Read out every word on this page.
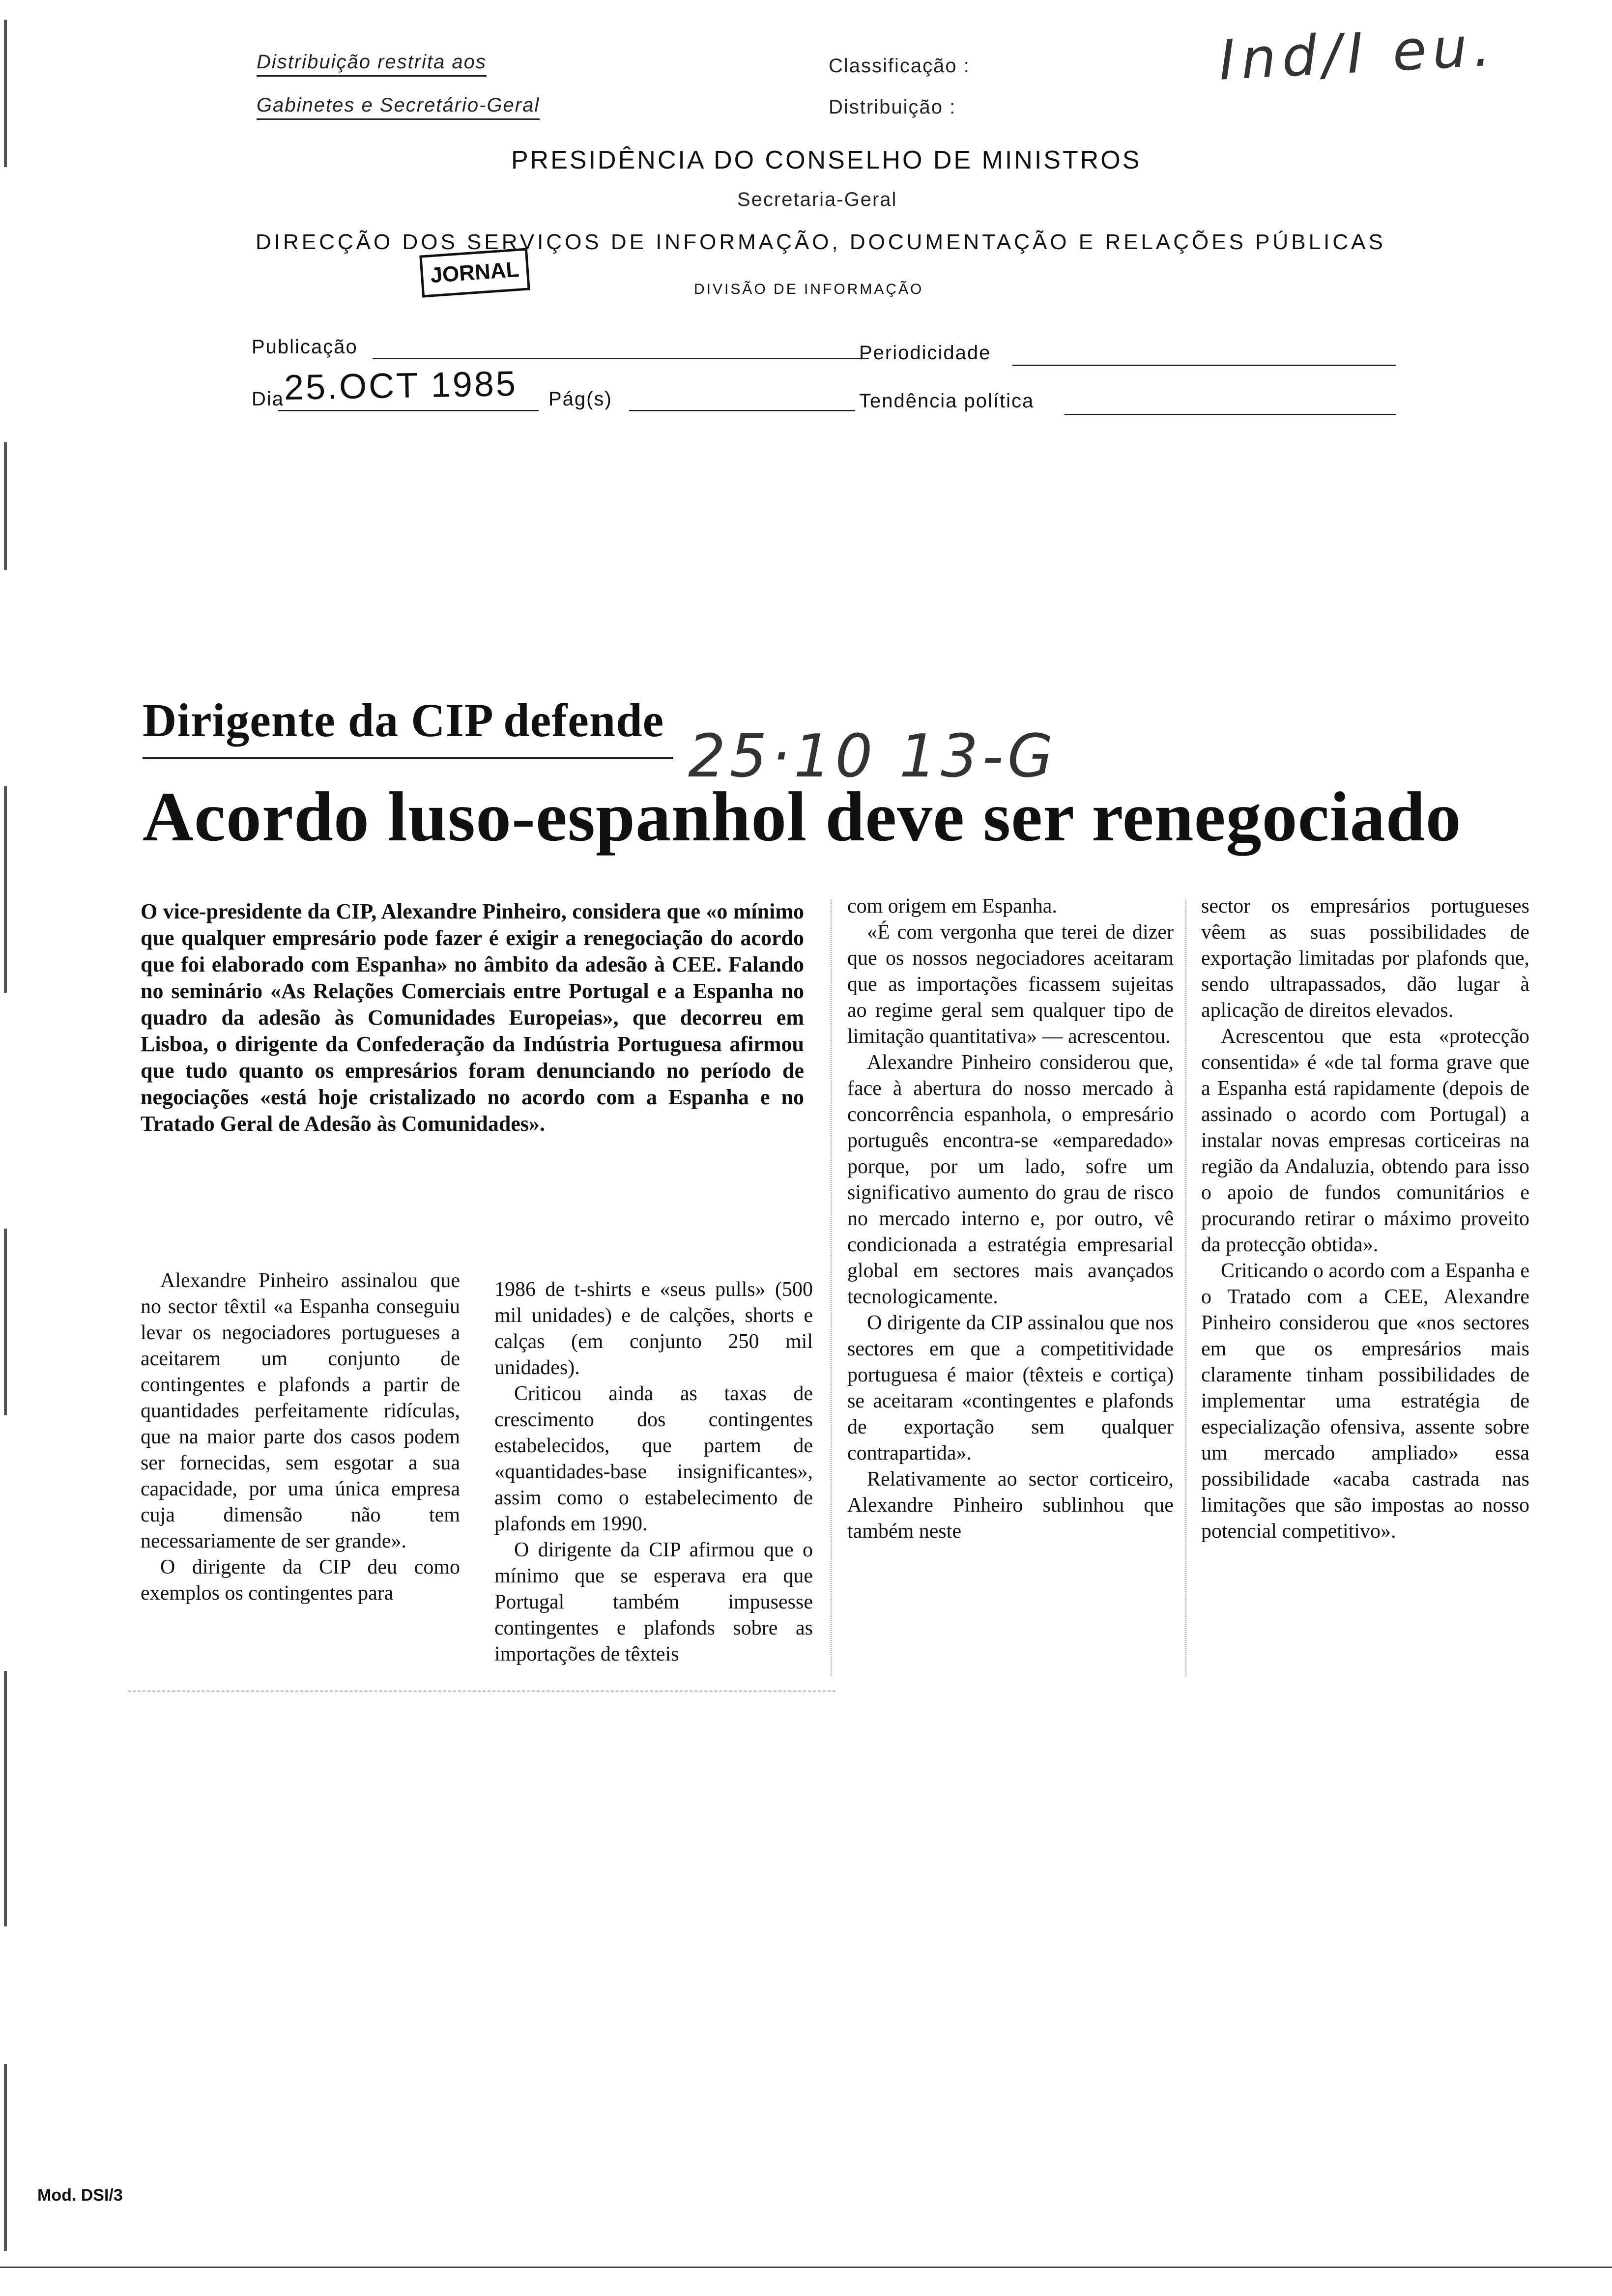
Distribuição restrita aos
Gabinetes e Secretário-Geral
Classificação :
Distribuição :
Ind/I eu.
PRESIDÊNCIA DO CONSELHO DE MINISTROS
Secretaria-Geral
DIRECÇÃO DOS SERVIÇOS DE INFORMAÇÃO, DOCUMENTAÇÃO E RELAÇÕES PÚBLICAS
JORNAL
DIVISÃO DE INFORMAÇÃO
Publicação	Periodicidade
Dia 25.OCT 1985 Pág(s)	Tendência política
Dirigente da CIP defende
25·10 13-G
Acordo luso-espanhol deve ser renegociado
O vice-presidente da CIP, Alexandre Pinheiro, considera que «o mínimo que qualquer empresário pode fazer é exigir a renegociação do acordo que foi elaborado com Espanha» no âmbito da adesão à CEE. Falando no seminário «As Relações Comerciais entre Portugal e a Espanha no quadro da adesão às Comunidades Europeias», que decorreu em Lisboa, o dirigente da Confederação da Indústria Portuguesa afirmou que tudo quanto os empresários foram denunciando no período de negociações «está hoje cristalizado no acordo com a Espanha e no Tratado Geral de Adesão às Comunidades».

Alexandre Pinheiro assinalou que no sector têxtil «a Espanha conseguiu levar os negociadores portugueses a aceitarem um conjunto de contingentes e plafonds a partir de quantidades perfeitamente ridículas, que na maior parte dos casos podem ser fornecidas, sem esgotar a sua capacidade, por uma única empresa cuja dimensão não tem necessariamente de ser grande».

O dirigente da CIP deu como exemplos os contingentes para

1986 de t-shirts e «seus pulls» (500 mil unidades) e de calções, shorts e calças (em conjunto 250 mil unidades).

Criticou ainda as taxas de crescimento dos contingentes estabelecidos, que partem de «quantidades-base insignificantes», assim como o estabelecimento de plafonds em 1990.

O dirigente da CIP afirmou que o mínimo que se esperava era que Portugal também impusesse contingentes e plafonds sobre as importações de têxteis

com origem em Espanha.

«É com vergonha que terei de dizer que os nossos negociadores aceitaram que as importações ficassem sujeitas ao regime geral sem qualquer tipo de limitação quantitativa» — acrescentou.

Alexandre Pinheiro considerou que, face à abertura do nosso mercado à concorrência espanhola, o empresário português encontra-se «emparedado» porque, por um lado, sofre um significativo aumento do grau de risco no mercado interno e, por outro, vê condicionada a estratégia empresarial global em sectores mais avançados tecnologicamente.

O dirigente da CIP assinalou que nos sectores em que a competitividade portuguesa é maior (têxteis e cortiça) se aceitaram «contingentes e plafonds de exportação sem qualquer contrapartida».

Relativamente ao sector corticeiro, Alexandre Pinheiro sublinhou que também neste

sector os empresários portugueses vêem as suas possibilidades de exportação limitadas por plafonds que, sendo ultrapassados, dão lugar à aplicação de direitos elevados.

Acrescentou que esta «protecção consentida» é «de tal forma grave que a Espanha está rapidamente (depois de assinado o acordo com Portugal) a instalar novas empresas corticeiras na região da Andaluzia, obtendo para isso o apoio de fundos comunitários e procurando retirar o máximo proveito da protecção obtida».

Criticando o acordo com a Espanha e o Tratado com a CEE, Alexandre Pinheiro considerou que «nos sectores em que os empresários mais claramente tinham possibilidades de implementar uma estratégia de especialização ofensiva, assente sobre um mercado ampliado» essa possibilidade «acaba castrada nas limitações que são impostas ao nosso potencial competitivo».

Mod. DSI/3
